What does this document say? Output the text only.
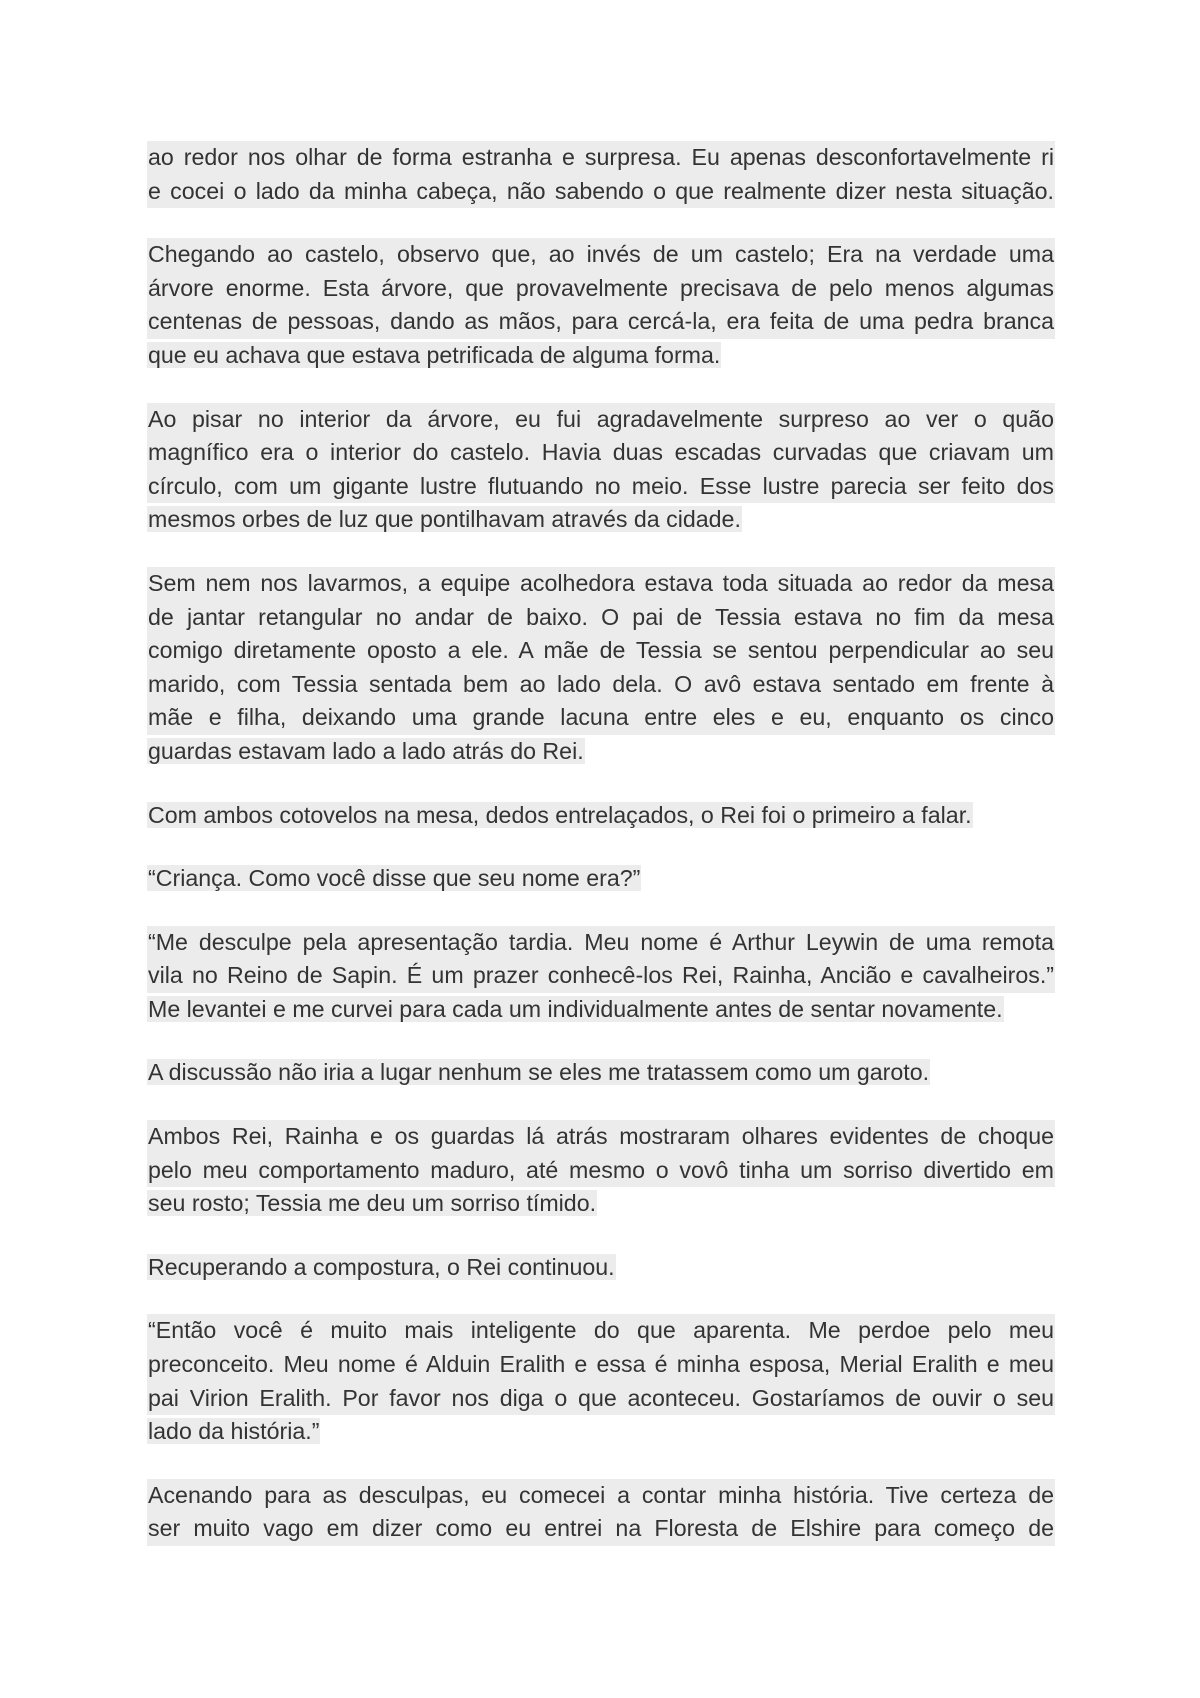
ao redor nos olhar de forma estranha e surpresa. Eu apenas desconfortavelmente ri
e cocei o lado da minha cabeça, não sabendo o que realmente dizer nesta situação.
Chegando ao castelo, observo que, ao invés de um castelo; Era na verdade uma
árvore enorme. Esta árvore, que provavelmente precisava de pelo menos algumas
centenas de pessoas, dando as mãos, para cercá-la, era feita de uma pedra branca
que eu achava que estava petrificada de alguma forma.
Ao pisar no interior da árvore, eu fui agradavelmente surpreso ao ver o quão
magnífico era o interior do castelo. Havia duas escadas curvadas que criavam um
círculo, com um gigante lustre flutuando no meio. Esse lustre parecia ser feito dos
mesmos orbes de luz que pontilhavam através da cidade.
Sem nem nos lavarmos, a equipe acolhedora estava toda situada ao redor da mesa
de jantar retangular no andar de baixo. O pai de Tessia estava no fim da mesa
comigo diretamente oposto a ele. A mãe de Tessia se sentou perpendicular ao seu
marido, com Tessia sentada bem ao lado dela. O avô estava sentado em frente à
mãe e filha, deixando uma grande lacuna entre eles e eu, enquanto os cinco
guardas estavam lado a lado atrás do Rei.
Com ambos cotovelos na mesa, dedos entrelaçados, o Rei foi o primeiro a falar.
“Criança. Como você disse que seu nome era?”
“Me desculpe pela apresentação tardia. Meu nome é Arthur Leywin de uma remota
vila no Reino de Sapin. É um prazer conhecê-los Rei, Rainha, Ancião e cavalheiros.”
Me levantei e me curvei para cada um individualmente antes de sentar novamente.
A discussão não iria a lugar nenhum se eles me tratassem como um garoto.
Ambos Rei, Rainha e os guardas lá atrás mostraram olhares evidentes de choque
pelo meu comportamento maduro, até mesmo o vovô tinha um sorriso divertido em
seu rosto; Tessia me deu um sorriso tímido.
Recuperando a compostura, o Rei continuou.
“Então você é muito mais inteligente do que aparenta. Me perdoe pelo meu
preconceito. Meu nome é Alduin Eralith e essa é minha esposa, Merial Eralith e meu
pai Virion Eralith. Por favor nos diga o que aconteceu. Gostaríamos de ouvir o seu
lado da história.”
Acenando para as desculpas, eu comecei a contar minha história. Tive certeza de
ser muito vago em dizer como eu entrei na Floresta de Elshire para começo de
